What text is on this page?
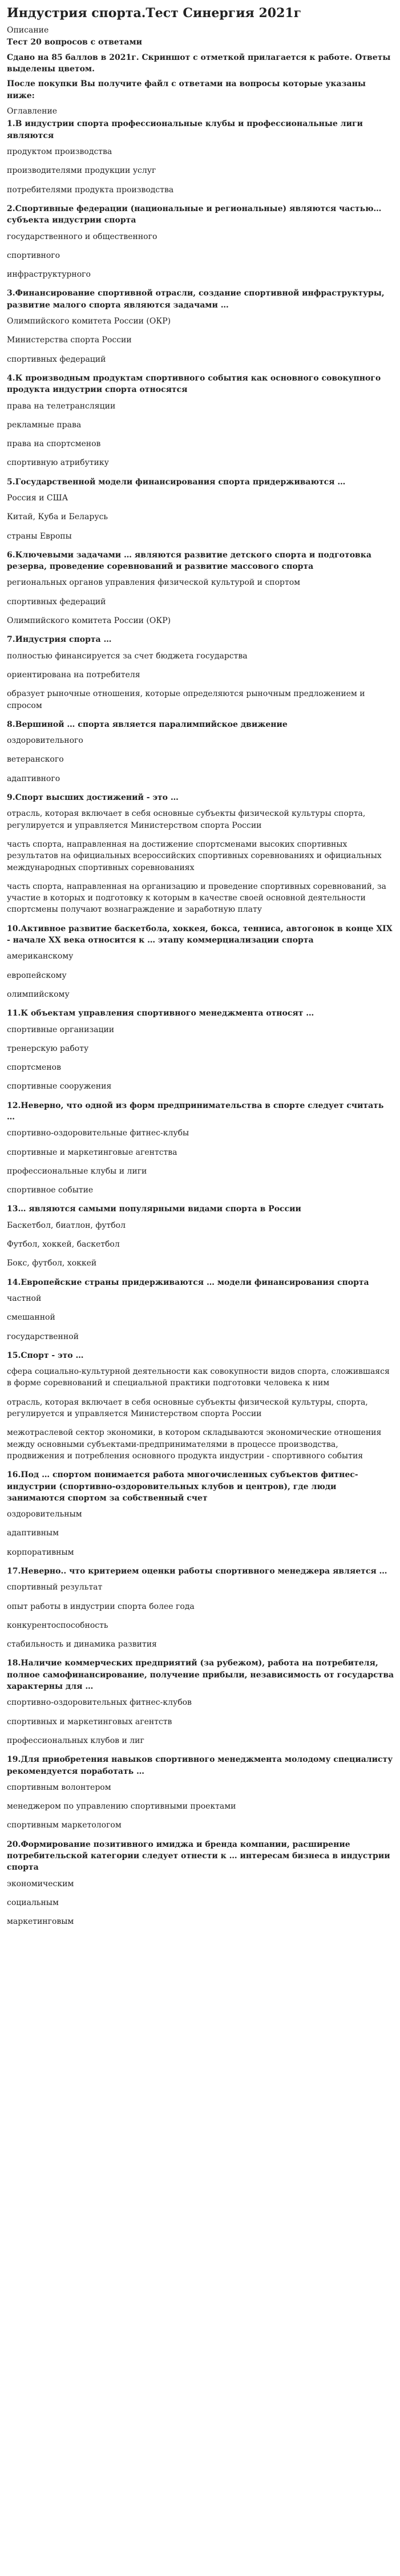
Индустрия спорта.Тест Синергия 2021г
Описание
Тест 20 вопросов с ответами
Сдано на 85 баллов в 2021г. Скриншот с отметкой прилагается к работе. Ответы выделены цветом.
После покупки Вы получите файл с ответами на вопросы которые указаны ниже:
Оглавление
1.В индустрии спорта профессиональные клубы и профессиональные лиги являются
продуктом производства
производителями продукции услуг
потребителями продукта производства
2.Спортивные федерации (национальные и региональные) являются частью… субъекта индустрии спорта
государственного и общественного
спортивного
инфраструктурного
3.Финансирование спортивной отрасли, создание спортивной инфраструктуры, развитие малого спорта являются задачами …
Олимпийского комитета России (ОКР)
Министерства спорта России
спортивных федераций
4.К производным продуктам спортивного события как основного совокупного продукта индустрии спорта относятся
права на телетрансляции
рекламные права
права на спортсменов
спортивную атрибутику
5.Государственной модели финансирования спорта придерживаются …
Россия и США
Китай, Куба и Беларусь
страны Европы
6.Ключевыми задачами … являются развитие детского спорта и подготовка резерва, проведение соревнований и развитие массового спорта
региональных органов управления физической культурой и спортом
спортивных федераций
Олимпийского комитета России (ОКР)
7.Индустрия спорта …
полностью финансируется за счет бюджета государства
ориентирована на потребителя
образует рыночные отношения, которые определяются рыночным предложением и спросом
8.Вершиной … спорта является паралимпийское движение
оздоровительного
ветеранского
адаптивного
9.Спорт высших достижений - это …
отрасль, которая включает в себя основные субъекты физической культуры спорта, регулируется и управляется Министерством спорта России
часть спорта, направленная на достижение спортсменами высоких спортивных результатов на официальных всероссийских спортивных соревнованиях и официальных международных спортивных соревнованиях
часть спорта, направленная на организацию и проведение спортивных соревнований, за участие в которых и подготовку к которым в качестве своей основной деятельности спортсмены получают вознаграждение и заработную плату
10.Активное развитие баскетбола, хоккея, бокса, тенниса, автогонок в конце XIX - начале XX века относится к … этапу коммерциализации спорта
американскому
европейскому
олимпийскому
11.К объектам управления спортивного менеджмента относят …
спортивные организации
тренерскую работу
спортсменов
спортивные сооружения
12.Неверно, что одной из форм предпринимательства в спорте следует считать …
спортивно-оздоровительные фитнес-клубы
спортивные и маркетинговые агентства
профессиональные клубы и лиги
спортивное событие
13… являются самыми популярными видами спорта в России
Баскетбол, биатлон, футбол
Футбол, хоккей, баскетбол
Бокс, футбол, хоккей
14.Европейские страны придерживаются … модели финансирования спорта
частной
смешанной
государственной
15.Спорт - это …
сфера социально-культурной деятельности как совокупности видов спорта, сложившаяся в форме соревнований и специальной практики подготовки человека к ним
отрасль, которая включает в себя основные субъекты физической культуры, спорта, регулируется и управляется Министерством спорта России
межотраслевой сектор экономики, в котором складываются экономические отношения между основными субъектами-предпринимателями в процессе производства, продвижения и потребления основного продукта индустрии - спортивного события
16.Под … спортом понимается работа многочисленных субъектов фитнес-индустрии (спортивно-оздоровительных клубов и центров), где люди занимаются спортом за собственный счет
оздоровительным
адаптивным
корпоративным
17.Неверно.. что критерием оценки работы спортивного менеджера является …
спортивный результат
опыт работы в индустрии спорта более года
конкурентоспособность
стабильность и динамика развития
18.Наличие коммерческих предприятий (за рубежом), работа на потребителя, полное самофинансирование, получение прибыли, независимость от государства характерны для …
спортивно-оздоровительных фитнес-клубов
спортивных и маркетинговых агентств
профессиональных клубов и лиг
19.Для приобретения навыков спортивного менеджмента молодому специалисту рекомендуется поработать …
спортивным волонтером
менеджером по управлению спортивными проектами
спортивным маркетологом
20.Формирование позитивного имиджа и бренда компании, расширение потребительской категории следует отнести к … интересам бизнеса в индустрии спорта
экономическим
социальным
маркетинговым
